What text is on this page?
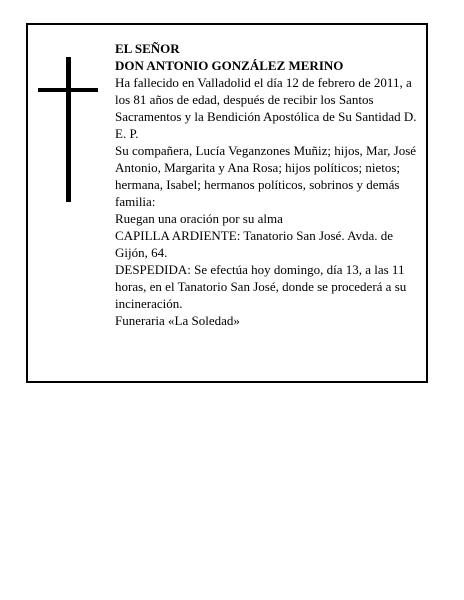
EL SEÑOR

DON ANTONIO GONZÁLEZ MERINO

Ha fallecido en Valladolid el día 12 de febrero de 2011, a los 81 años de edad, después de recibir los Santos Sacramentos y la Bendición Apostólica de Su Santidad D. E. P.

Su compañera, Lucía Veganzones Muñiz; hijos, Mar, José Antonio, Margarita y Ana Rosa; hijos políticos; nietos; hermana, Isabel; hermanos políticos, sobrinos y demás familia:

Ruegan una oración por su alma

CAPILLA ARDIENTE: Tanatorio San José. Avda. de Gijón, 64.

DESPEDIDA: Se efectúa hoy domingo, día 13, a las 11 horas, en el Tanatorio San José, donde se procederá a su incineración.

Funeraria «La Soledad»
